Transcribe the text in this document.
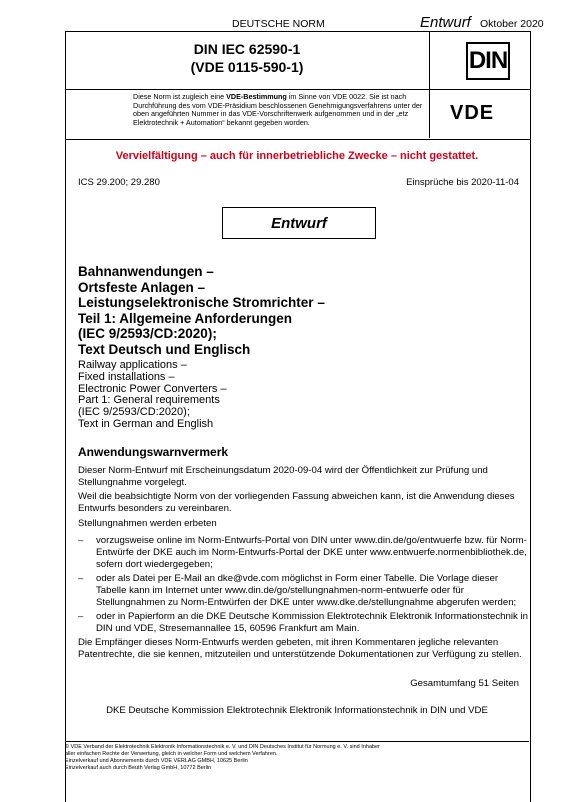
DEUTSCHE NORM	Entwurf Oktober 2020
DIN IEC 62590-1
(VDE 0115-590-1)	DIN
Diese Norm ist zugleich eine VDE-Bestimmung im Sinne von VDE 0022. Sie ist nach Durchführung des vom VDE-Präsidium beschlossenen Genehmigungsverfahrens unter der oben angeführten Nummer in das VDE-Vorschriftenwerk aufgenommen und in der „etz Elektrotechnik + Automation“ bekannt gegeben worden.	VDE
Vervielfältigung – auch für innerbetriebliche Zwecke – nicht gestattet.
ICS 29.200; 29.280	Einsprüche bis 2020-11-04
Entwurf
Bahnanwendungen –
Ortsfeste Anlagen –
Leistungselektronische Stromrichter –
Teil 1: Allgemeine Anforderungen
(IEC 9/2593/CD:2020);
Text Deutsch und Englisch
Railway applications –
Fixed installations –
Electronic Power Converters –
Part 1: General requirements
(IEC 9/2593/CD:2020);
Text in German and English
Anwendungswarnvermerk
Dieser Norm-Entwurf mit Erscheinungsdatum 2020-09-04 wird der Öffentlichkeit zur Prüfung und Stellungnahme vorgelegt.
Weil die beabsichtigte Norm von der vorliegenden Fassung abweichen kann, ist die Anwendung dieses Entwurfs besonders zu vereinbaren.
Stellungnahmen werden erbeten
–	vorzugsweise online im Norm-Entwurfs-Portal von DIN unter www.din.de/go/entwuerfe bzw. für Norm-Entwürfe der DKE auch im Norm-Entwurfs-Portal der DKE unter www.entwuerfe.normenbibliothek.de, sofern dort wiedergegeben;
–	oder als Datei per E-Mail an dke@vde.com möglichst in Form einer Tabelle. Die Vorlage dieser Tabelle kann im Internet unter www.din.de/go/stellungnahmen-norm-entwuerfe oder für Stellungnahmen zu Norm-Entwürfen der DKE unter www.dke.de/stellungnahme abgerufen werden;
–	oder in Papierform an die DKE Deutsche Kommission Elektrotechnik Elektronik Informationstechnik in DIN und VDE, Stresemannallee 15, 60596 Frankfurt am Main.
Die Empfänger dieses Norm-Entwurfs werden gebeten, mit ihren Kommentaren jegliche relevanten Patentrechte, die sie kennen, mitzuteilen und unterstützende Dokumentationen zur Verfügung zu stellen.
Gesamtumfang 51 Seiten
DKE Deutsche Kommission Elektrotechnik Elektronik Informationstechnik in DIN und VDE
© VDE Verband der Elektrotechnik Elektronik Informationstechnik e. V. und DIN Deutsches Institut für Normung e. V. sind Inhaber
aller einfachen Rechte der Verwertung, gleich in welcher Form und welchem Verfahren.
Einzelverkauf und Abonnements durch VDE VERLAG GMBH, 10625 Berlin
Einzelverkauf auch durch Beuth Verlag GmbH, 10772 Berlin
